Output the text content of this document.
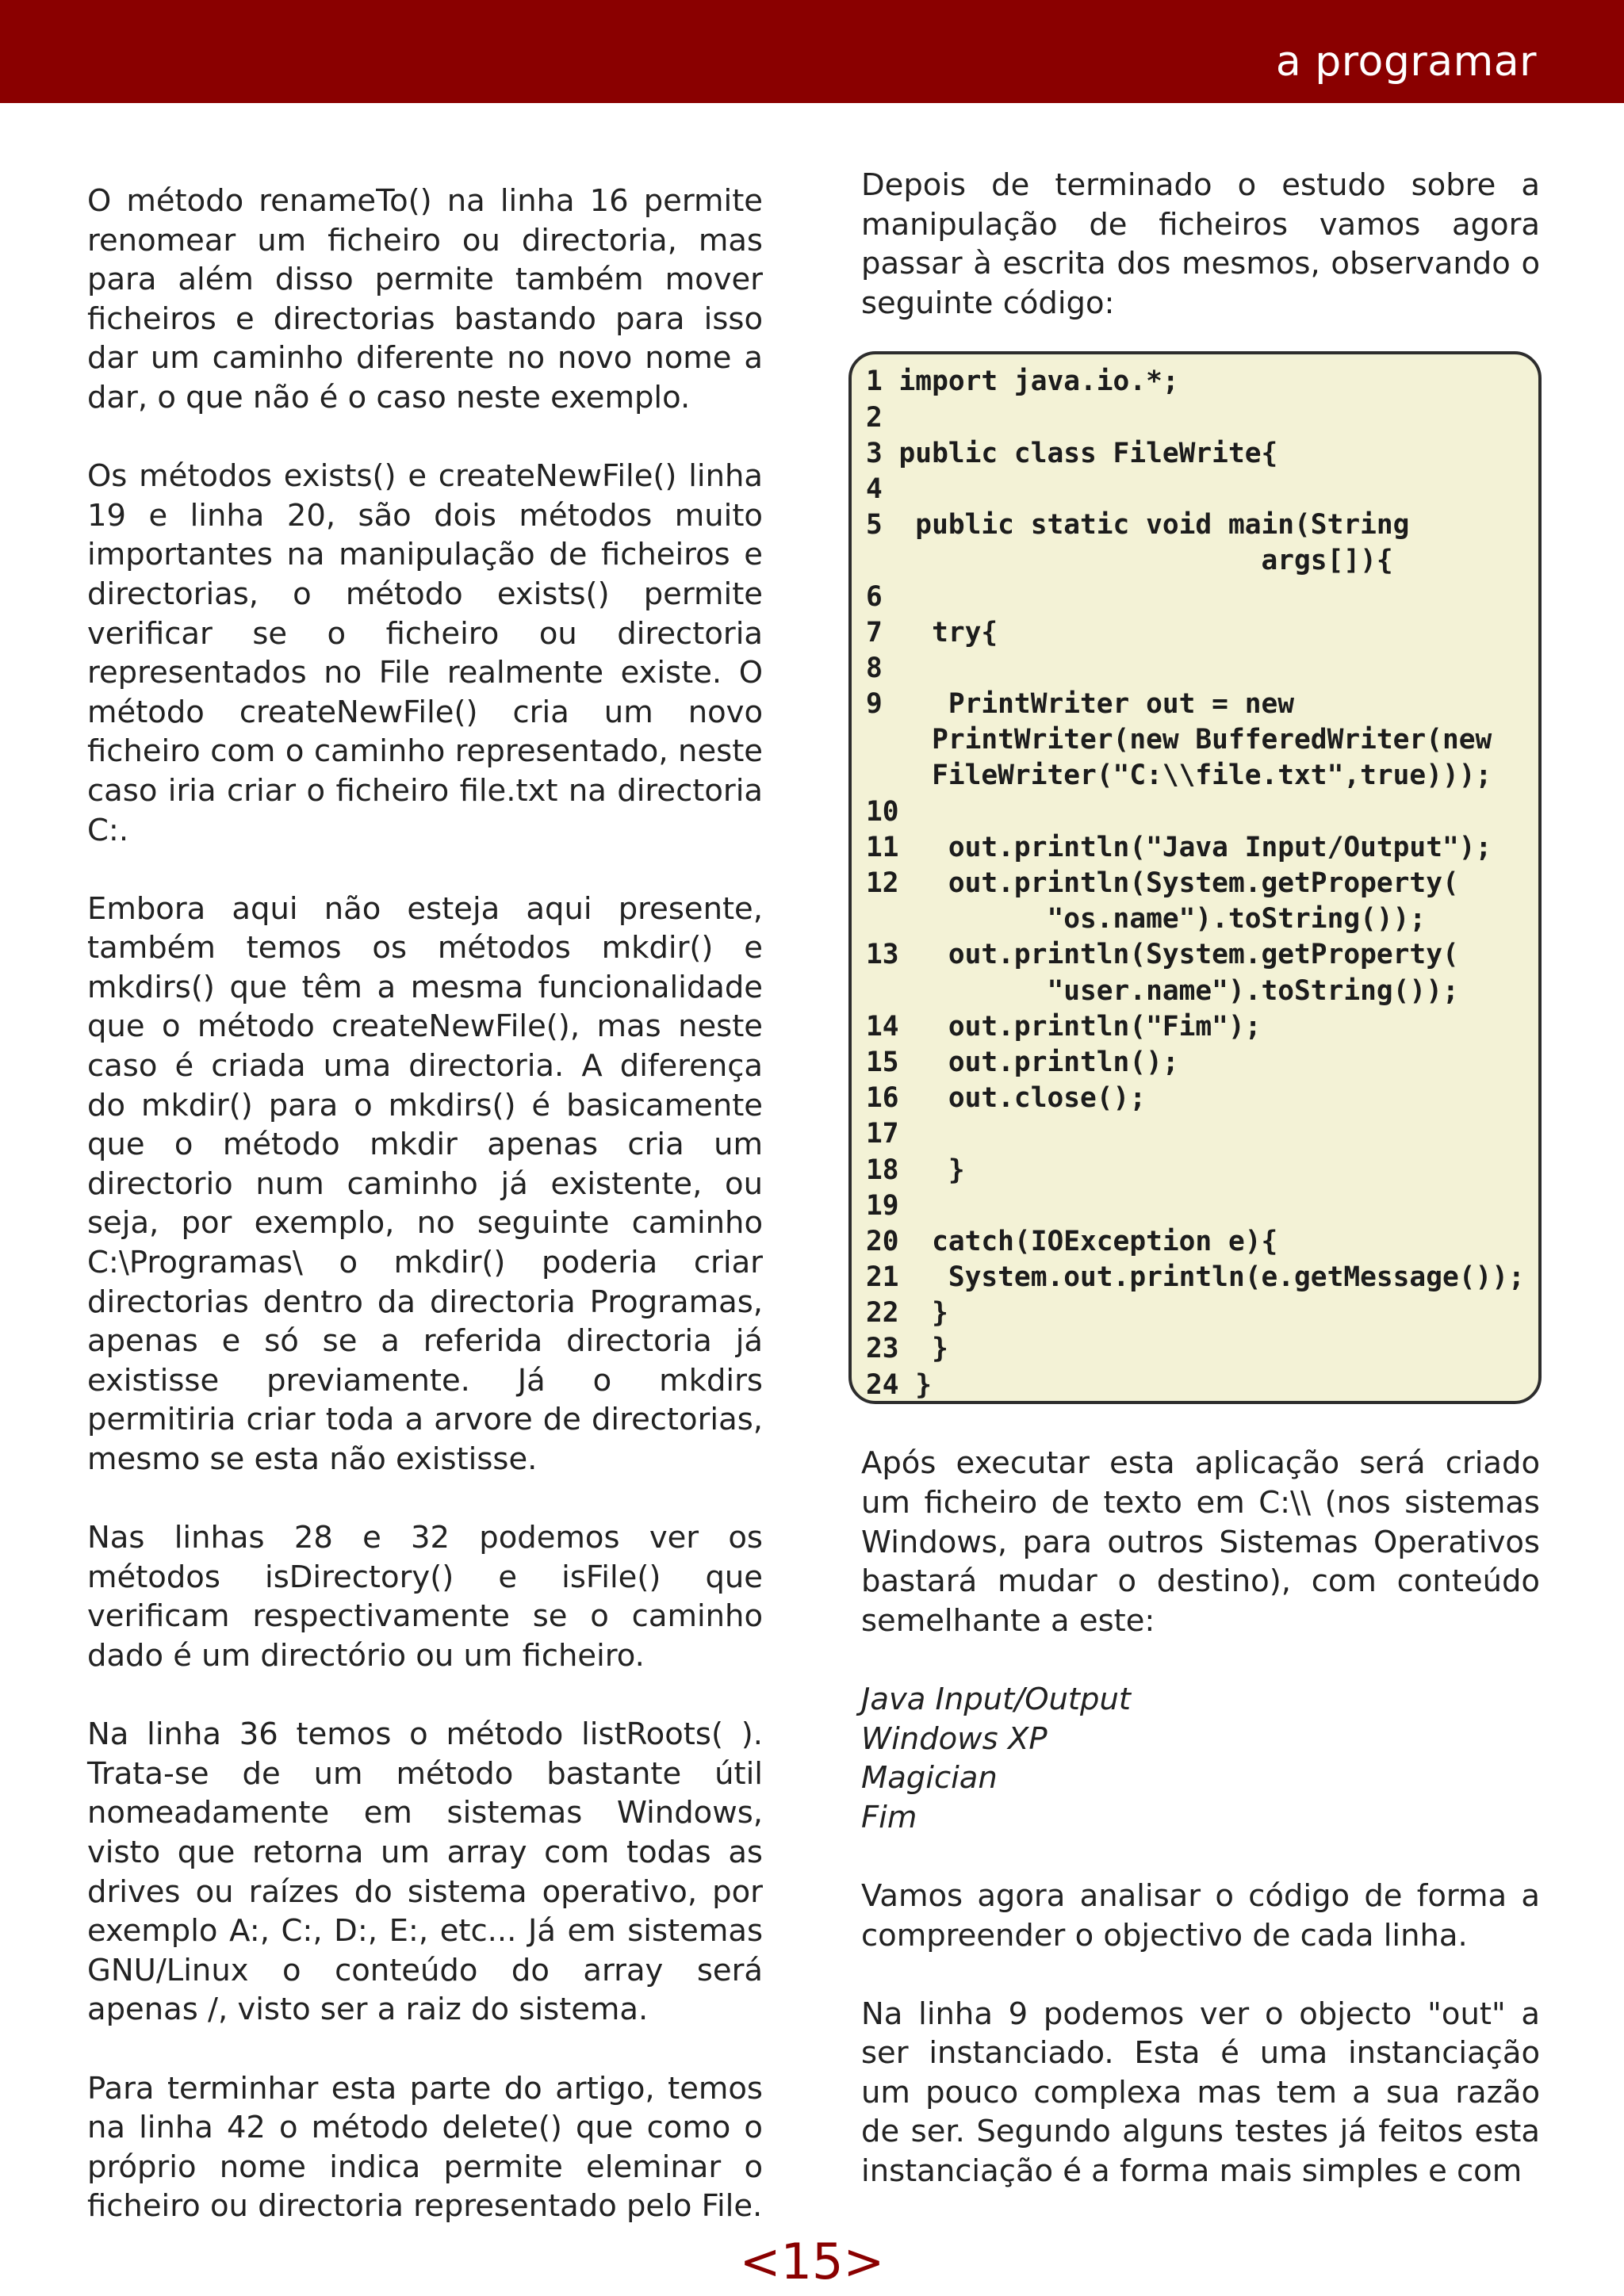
a programar

O método renameTo() na linha 16 permite renomear um ficheiro ou directoria, mas para além disso permite também mover ficheiros e directorias bastando para isso dar um caminho diferente no novo nome a dar, o que não é o caso neste exemplo.

Os métodos exists() e createNewFile() linha 19 e linha 20, são dois métodos muito importantes na manipulação de ficheiros e directorias, o método exists() permite verificar se o ficheiro ou directoria representados no File realmente existe. O método createNewFile() cria um novo ficheiro com o caminho representado, neste caso iria criar o ficheiro file.txt na directoria C:.

Embora aqui não esteja aqui presente, também temos os métodos mkdir() e mkdirs() que têm a mesma funcionalidade que o método createNewFile(), mas neste caso é criada uma directoria. A diferença do mkdir() para o mkdirs() é basicamente que o método mkdir apenas cria um directorio num caminho já existente, ou seja, por exemplo, no seguinte caminho C:\Programas\ o mkdir() poderia criar directorias dentro da directoria Programas, apenas e só se a referida directoria já existisse previamente. Já o mkdirs permitiria criar toda a arvore de directorias, mesmo se esta não existisse.

Nas linhas 28 e 32 podemos ver os métodos isDirectory() e isFile() que verificam respectivamente se o caminho dado é um directório ou um ficheiro.

Na linha 36 temos o método listRoots( ). Trata-se de um método bastante útil nomeadamente em sistemas Windows, visto que retorna um array com todas as drives ou raízes do sistema operativo, por exemplo A:, C:, D:, E:, etc... Já em sistemas GNU/Linux o conteúdo do array será apenas /, visto ser a raiz do sistema.

Para terminhar esta parte do artigo, temos na linha 42 o método delete() que como o próprio nome indica permite eleminar o ficheiro ou directoria representado pelo File.

Depois de terminado o estudo sobre a manipulação de ficheiros vamos agora passar à escrita dos mesmos, observando o seguinte código:

1 import java.io.*;
2
3 public class FileWrite{
4
5  public static void main(String
args[]){
6
7   try{
8
9    PrintWriter out = new
PrintWriter(new BufferedWriter(new
FileWriter("C:\\file.txt",true)));
10
11   out.println("Java Input/Output");
12   out.println(System.getProperty(
"os.name").toString());
13   out.println(System.getProperty(
"user.name").toString());
14   out.println("Fim");
15   out.println();
16   out.close();
17
18   }
19
20  catch(IOException e){
21   System.out.println(e.getMessage());
22  }
23  }
24 }

Após executar esta aplicação será criado um ficheiro de texto em C:\\ (nos sistemas Windows, para outros Sistemas Operativos bastará mudar o destino), com conteúdo semelhante a este:

Java Input/Output
Windows XP
Magician
Fim

Vamos agora analisar o código de forma a compreender o objectivo de cada linha.

Na linha 9 podemos ver o objecto "out" a ser instanciado. Esta é uma instanciação um pouco complexa mas tem a sua razão de ser. Segundo alguns testes já feitos esta instanciação é a forma mais simples e com

<15>
